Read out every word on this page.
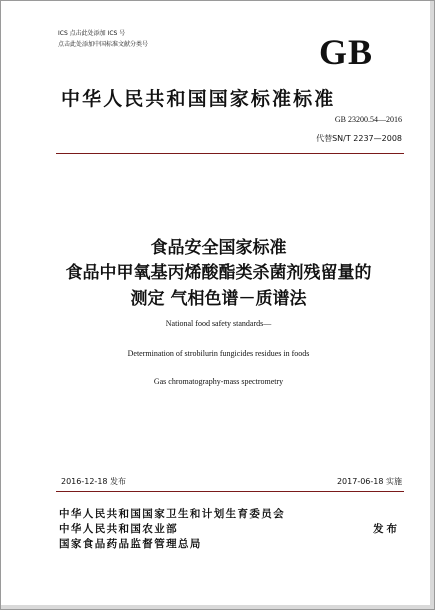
ICS 点击此处添加 ICS 号
点击此处添加中国标准文献分类号	GB
中华人民共和国国家标准标准
GB 23200.54—2016
代替SN/T 2237—2008
食品安全国家标准
食品中甲氧基丙烯酸酯类杀菌剂残留量的
测定 气相色谱－质谱法
National food safety standards—
Determination of strobilurin fungicides residues in foods
Gas chromatography-mass spectrometry
2016-12-18 发布	2017-06-18 实施
中华人民共和国国家卫生和计划生育委员会
中华人民共和国农业部
国家食品药品监督管理总局
发布
